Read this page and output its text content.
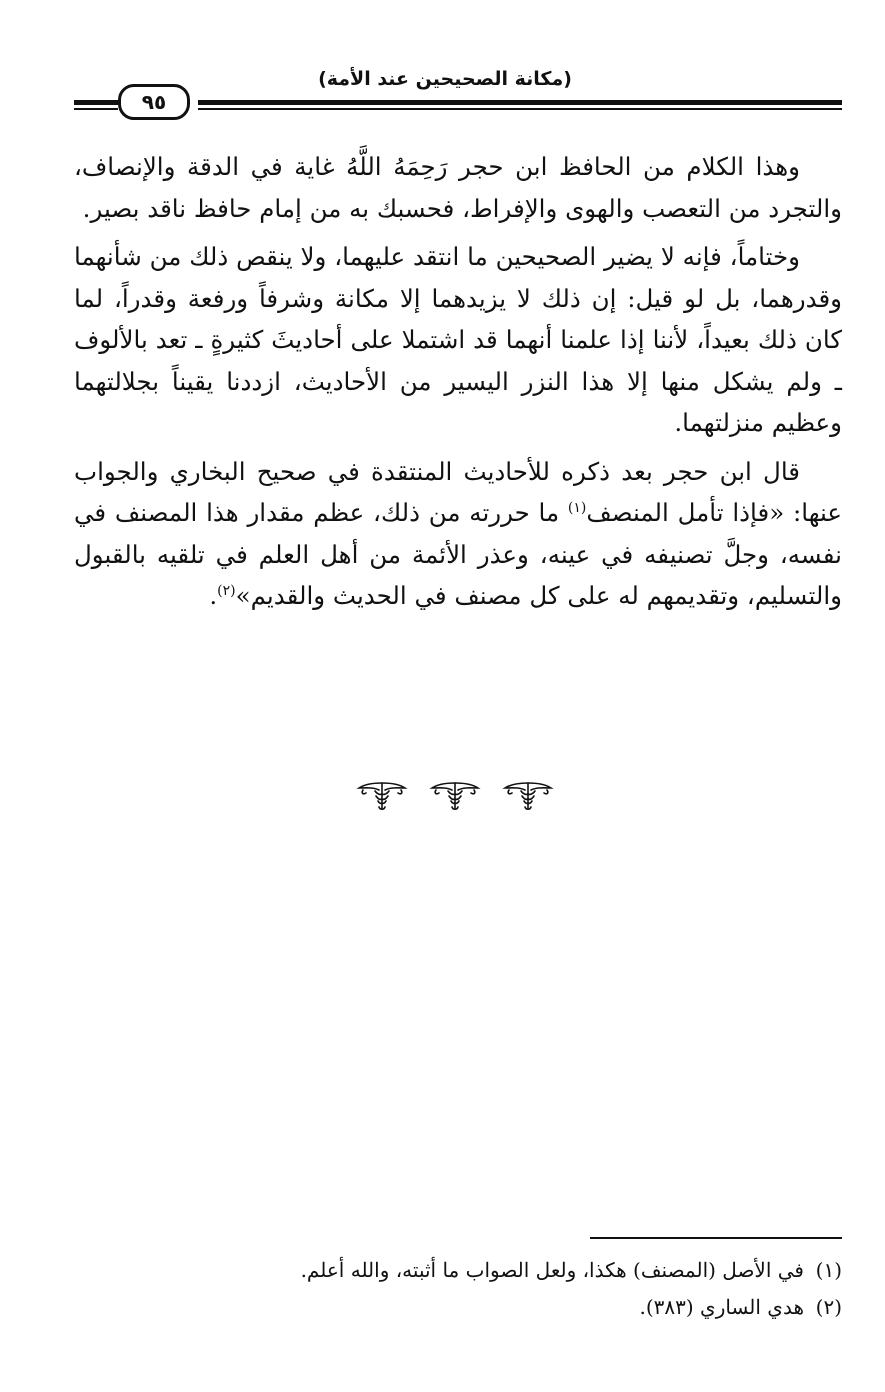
(مكانة الصحيحين عند الأمة)
٩٥

وهذا الكلام من الحافظ ابن حجر رَحِمَهُ اللَّهُ غاية في الدقة والإنصاف، والتجرد من التعصب والهوى والإفراط، فحسبك به من إمام حافظ ناقد بصير.

وختاماً، فإنه لا يضير الصحيحين ما انتقد عليهما، ولا ينقص ذلك من شأنهما وقدرهما، بل لو قيل: إن ذلك لا يزيدهما إلا مكانة وشرفاً ورفعة وقدراً، لما كان ذلك بعيداً، لأننا إذا علمنا أنهما قد اشتملا على أحاديثَ كثيرةٍ ـ تعد بالألوف ـ ولم يشكل منها إلا هذا النزر اليسير من الأحاديث، ازددنا يقيناً بجلالتهما وعظيم منزلتهما.

قال ابن حجر بعد ذكره للأحاديث المنتقدة في صحيح البخاري والجواب عنها: «فإذا تأمل المنصف$^{(١)}$ ما حررته من ذلك، عظم مقدار هذا المصنف في نفسه، وجلَّ تصنيفه في عينه، وعذر الأئمة من أهل العلم في تلقيه بالقبول والتسليم، وتقديمهم له على كل مصنف في الحديث والقديم»$^{(٢)}$.

(١)في الأصل (المصنف) هكذا، ولعل الصواب ما أثبته، والله أعلم.
(٢)هدي الساري (٣٨٣).
